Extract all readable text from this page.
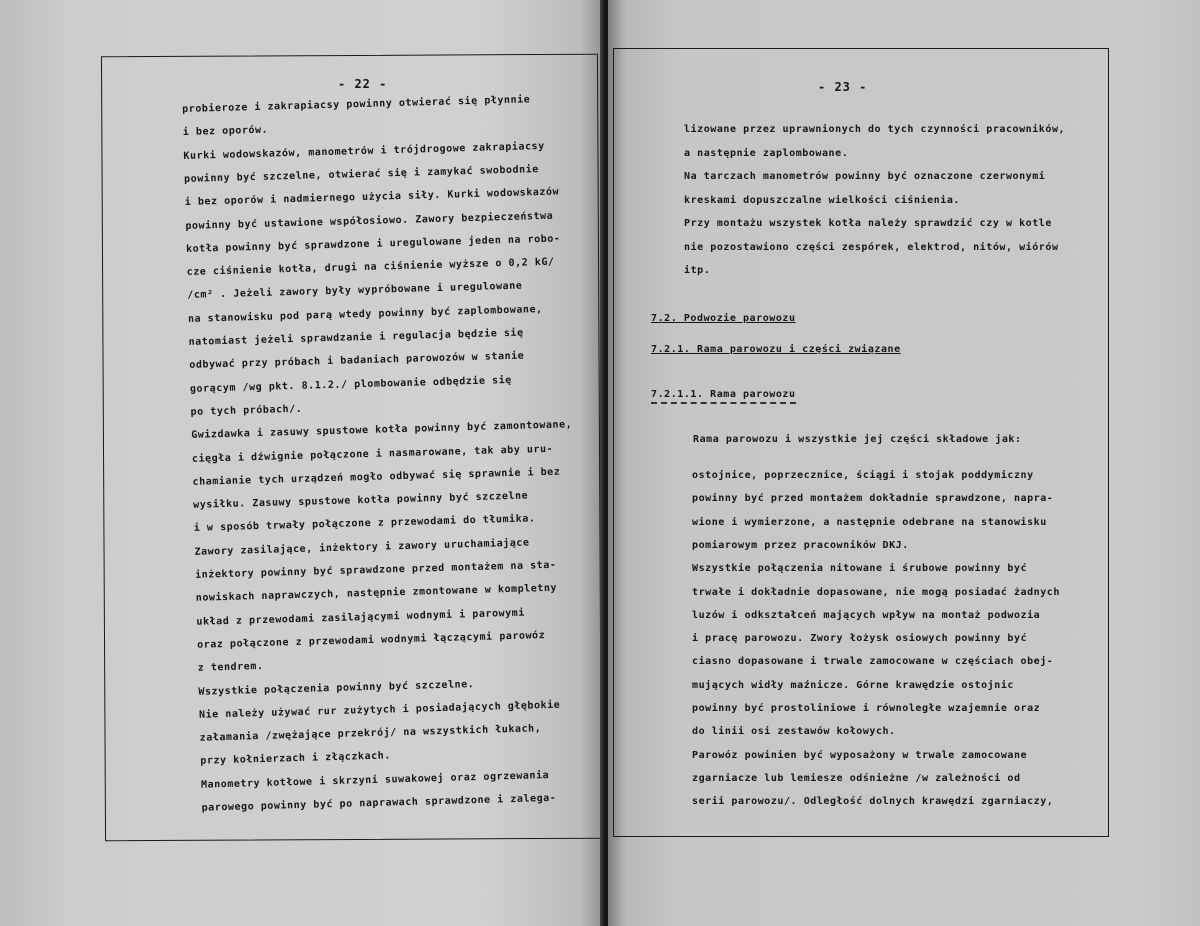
- 22 -
probieroze i zakrapiacsy powinny otwierać się płynnie
i bez oporów.
Kurki wodowskazów, manometrów i trójdrogowe zakrapiacsy
powinny być szczelne, otwierać się i zamykać swobodnie
i bez oporów i nadmiernego użycia siły. Kurki wodowskazów
powinny być ustawione współosiowo. Zawory bezpieczeństwa
kotła powinny być sprawdzone i uregulowane jeden na robo-
cze ciśnienie kotła, drugi na ciśnienie wyższe o 0,2 kG/
/cm² . Jeżeli zawory były wypróbowane i uregulowane
na stanowisku pod parą wtedy powinny być zaplombowane,
natomiast jeżeli sprawdzanie i regulacja będzie się
odbywać przy próbach i badaniach parowozów w stanie
gorącym /wg pkt. 8.1.2./ plombowanie odbędzie się
po tych próbach/.
Gwizdawka i zasuwy spustowe kotła powinny być zamontowane,
cięgła i dźwignie połączone i nasmarowane, tak aby uru-
chamianie tych urządzeń mogło odbywać się sprawnie i bez
wysiłku. Zasuwy spustowe kotła powinny być szczelne
i w sposób trwały połączone z przewodami do tłumika.
Zawory zasilające, inżektory i zawory uruchamiające
inżektory powinny być sprawdzone przed montażem na sta-
nowiskach naprawczych, następnie zmontowane w kompletny
układ z przewodami zasilającymi wodnymi i parowymi
oraz połączone z przewodami wodnymi łączącymi parowóz
z tendrem.
Wszystkie połączenia powinny być szczelne.
Nie należy używać rur zużytych i posiadających głębokie
załamania /zwężające przekrój/ na wszystkich łukach,
przy kołnierzach i złączkach.
Manometry kotłowe i skrzyni suwakowej oraz ogrzewania
parowego powinny być po naprawach sprawdzone i zalega-
- 23 -
7.2. Podwozie parowozu
7.2.1. Rama parowozu i części związane
7.2.1.1. Rama parowozu
lizowane przez uprawnionych do tych czynności pracowników,
a następnie zaplombowane.
Na tarczach manometrów powinny być oznaczone czerwonymi
kreskami dopuszczalne wielkości ciśnienia.
Przy montażu wszystek kotła należy sprawdzić czy w kotle
nie pozostawiono części zespórek, elektrod, nitów, wiórów
itp.
Rama parowozu i wszystkie jej części składowe jak:
ostojnice, poprzecznice, ściągi i stojak poddymiczny
powinny być przed montażem dokładnie sprawdzone, napra-
wione i wymierzone, a następnie odebrane na stanowisku
pomiarowym przez pracowników DKJ.
Wszystkie połączenia nitowane i śrubowe powinny być
trwałe i dokładnie dopasowane, nie mogą posiadać żadnych
luzów i odkształceń mających wpływ na montaż podwozia
i pracę parowozu. Zwory łożysk osiowych powinny być
ciasno dopasowane i trwale zamocowane w częściach obej-
mujących widły maźnicze. Górne krawędzie ostojnic
powinny być prostoliniowe i równoległe wzajemnie oraz
do linii osi zestawów kołowych.
Parowóz powinien być wyposażony w trwale zamocowane
zgarniacze lub lemiesze odśnieżne /w zależności od
serii parowozu/. Odległość dolnych krawędzi zgarniaczy,
